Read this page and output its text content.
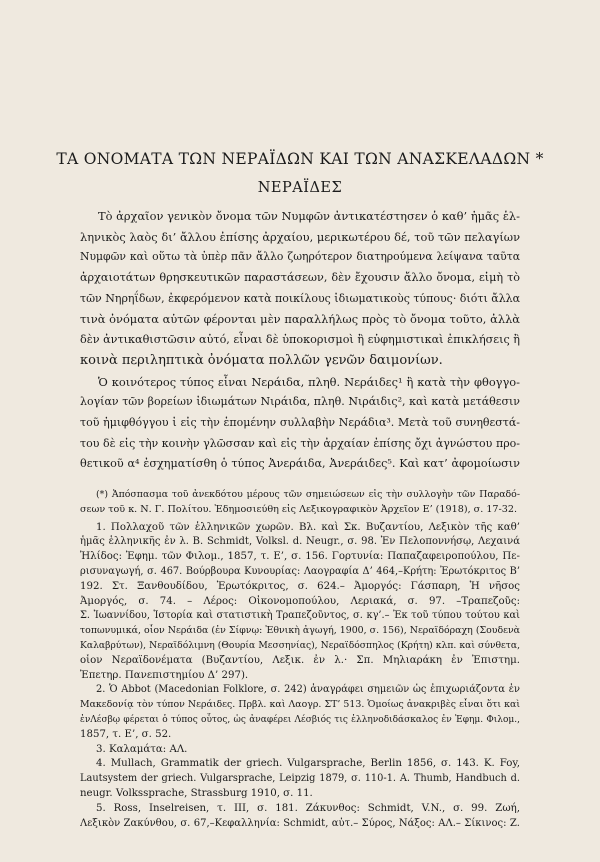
ΤΑ ΟΝΟΜΑΤΑ ΤΩΝ ΝΕΡΑΪΔΩΝ ΚΑΙ ΤΩΝ ΑΝΑΣΚΕΛΑΔΩΝ *
ΝΕΡΑΪΔΕΣ
Τὸ ἀρχαῖον γενικὸν ὄνομα τῶν Νυμφῶν ἀντικατέστησεν ὁ καθ’ ἡμᾶς ἑλ-
ληνικὸς λαὸς δι’ ἄλλου ἐπίσης ἀρχαίου, μερικωτέρου δέ, τοῦ τῶν πελαγίων
Νυμφῶν καὶ οὕτω τὰ ὑπὲρ πᾶν ἄλλο ζωηρότερον διατηρούμενα λείψανα ταῦτα
ἀρχαιοτάτων θρησκευτικῶν παραστάσεων, δὲν ἔχουσιν ἄλλο ὄνομα, εἰμὴ τὸ
τῶν Νηρηΐδων, ἐκφερόμενον κατὰ ποικίλους ἰδιωματικοὺς τύπους· διότι ἄλλα
τινὰ ὀνόματα αὐτῶν φέρονται μὲν παραλλήλως πρὸς τὸ ὄνομα τοῦτο, ἀλλὰ
δὲν ἀντικαθιστῶσιν αὐτό, εἶναι δὲ ὑποκορισμοὶ ἢ εὐφημιστικαὶ ἐπικλήσεις ἢ
κοινὰ περιληπτικὰ ὀνόματα πολλῶν γενῶν δαιμονίων.
Ὁ κοινότερος τύπος εἶναι Νεράιδα, πληθ. Νεράιδες¹ ἢ κατὰ τὴν φθογγο-
λογίαν τῶν βορείων ἰδιωμάτων Νιράιδα, πληθ. Νιράιδις², καὶ κατὰ μετάθεσιν
τοῦ ἡμιφθόγγου ἰ εἰς τὴν ἑπομένην συλλαβὴν Νεράδια³. Μετὰ τοῦ συνηθεστά-
του δὲ εἰς τὴν κοινὴν γλῶσσαν καὶ εἰς τὴν ἀρχαίαν ἐπίσης ὄχι ἀγνώστου προ-
θετικοῦ α⁴ ἐσχηματίσθη ὁ τύπος Ἀνεράιδα, Ἀνεράιδες⁵. Καὶ κατ’ ἀφομοίωσιν
(*) Ἀπόσπασμα τοῦ ἀνεκδότου μέρους τῶν σημειώσεων εἰς τὴν συλλογὴν τῶν Παραδό-
σεων τοῦ κ. Ν. Γ. Πολίτου. Ἐδημοσιεύθη εἰς Λεξικογραφικὸν Ἀρχεῖον Ε’ (1918), σ. 17-32.
1. Πολλαχοῦ τῶν ἑλληνικῶν χωρῶν. Βλ. καὶ Σκ. Βυζαντίου, Λεξικὸν τῆς καθ’
ἡμᾶς ἑλληνικῆς ἐν λ. B. Schmidt, Volksl. d. Neugr., σ. 98. Ἐν Πελοποννήσῳ, Λεχαινά
Ἠλίδος: Ἐφημ. τῶν Φιλομ., 1857, τ. Ε’, σ. 156. Γορτυνία: Παπαζαφειροπούλου, Πε-
ρισυναγωγή, σ. 467. Βούρβουρα Κυνουρίας: Λαογραφία Δ’ 464,–Κρήτη: Ἐρωτόκριτος Β’
192. Στ. Ξανθουδίδου, Ἐρωτόκριτος, σ. 624.– Ἀμοργός: Γάσπαρη, Ἡ νῆσος
Ἀμοργός, σ. 74. – Λέρος: Οἰκονομοπούλου, Λεριακά, σ. 97. –Τραπεζοῦς:
Σ. Ἰωαννίδου, Ἱστορία καὶ στατιστικὴ Τραπεζοῦντος, σ. κγ’.– Ἐκ τοῦ τύπου τούτου καὶ
τοπωνυμικά, οἷον Νεράιδα (ἐν Σίφνῳ: Ἐθνικὴ ἀγωγή, 1900, σ. 156), Νεραϊδόραχη (Σουδενὰ
Καλαβρύτων), Νεραϊδόλιμνη (Θουρία Μεσσηνίας), Νεραϊδόσπηλος (Κρήτη) κλπ. καὶ σύνθετα,
οἷον Νεραϊδονέματα (Βυζαντίου, Λεξικ. ἐν λ.· Σπ. Μηλιαράκη ἐν Ἐπιστημ.
Ἐπετηρ. Πανεπιστημίου Δ’ 297).
2. Ὁ Abbot (Macedonian Folklore, σ. 242) ἀναγράφει σημειῶν ὡς ἐπιχωριάζοντα ἐν
Μακεδονίᾳ τὸν τύπον Νεράιδες. Πρβλ. καὶ Λαογρ. ΣΤ’ 513. Ὁμοίως ἀνακριβὲς εἶναι ὅτι καὶ
ἐνΛέσβῳ φέρεται ὁ τύπος οὗτος, ὡς ἀναφέρει Λέσβιός τις ἑλληνοδιδάσκαλος ἐν Ἐφημ. Φιλομ.,
1857, τ. Ε’, σ. 52.
3. Καλαμάτα: ΑΛ.
4. Mullach, Grammatik der griech. Vulgarsprache, Berlin 1856, σ. 143. K. Foy,
Lautsystem der griech. Vulgarsprache, Leipzig 1879, σ. 110-1. A. Thumb, Handbuch d.
neugr. Volkssprache, Strassburg 1910, σ. 11.
5. Ross, Inselreisen, τ. III, σ. 181. Ζάκυνθος: Schmidt, V.N., σ. 99. Ζωή,
Λεξικὸν Ζακύνθου, σ. 67,–Κεφαλληνία: Schmidt, αὐτ.– Σύρος, Νάξος: ΑΛ.– Σίκινος: Ζ.
